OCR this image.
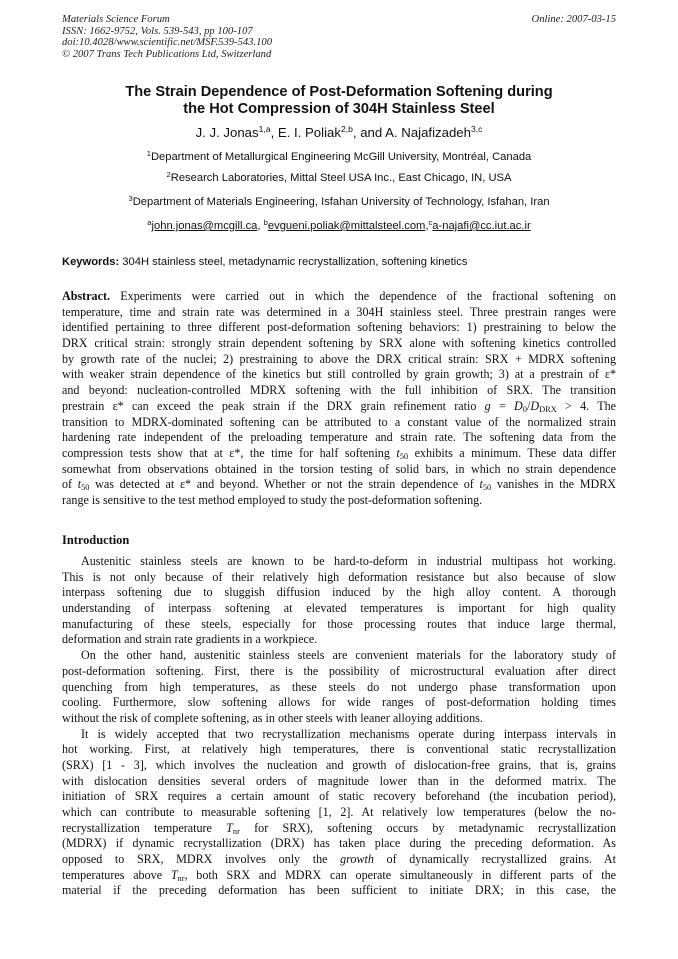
Materials Science Forum
ISSN: 1662-9752, Vols. 539-543, pp 100-107
doi:10.4028/www.scientific.net/MSF.539-543.100
© 2007 Trans Tech Publications Ltd, Switzerland
Online: 2007-03-15
The Strain Dependence of Post-Deformation Softening during
the Hot Compression of 304H Stainless Steel
J. J. Jonas$^{1,a}$, E. I. Poliak$^{2,b}$, and A. Najafizadeh$^{3,c}$
$^1$Department of Metallurgical Engineering McGill University, Montréal, Canada
$^2$Research Laboratories, Mittal Steel USA Inc., East Chicago, IN, USA
$^3$Department of Materials Engineering, Isfahan University of Technology, Isfahan, Iran
$^a$john.jonas@mcgill.ca, $^b$evgueni.poliak@mittalsteel.com,$^c$a-najafi@cc.iut.ac.ir
Keywords: 304H stainless steel, metadynamic recrystallization, softening kinetics
Abstract. Experiments were carried out in which the dependence of the fractional softening on
temperature, time and strain rate was determined in a 304H stainless steel. Three prestrain ranges were
identified pertaining to three different post-deformation softening behaviors: 1) prestraining to below the
DRX critical strain: strongly strain dependent softening by SRX alone with softening kinetics controlled
by growth rate of the nuclei; 2) prestraining to above the DRX critical strain: SRX + MDRX softening
with weaker strain dependence of the kinetics but still controlled by grain growth; 3) at a prestrain of ε*
and beyond: nucleation-controlled MDRX softening with the full inhibition of SRX. The transition
prestrain ε* can exceed the peak strain if the DRX grain refinement ratio $g = D_0/D_{DRX} > 4$. The
transition to MDRX-dominated softening can be attributed to a constant value of the normalized strain
hardening rate independent of the preloading temperature and strain rate. The softening data from the
compression tests show that at ε*, the time for half softening $t_{50}$ exhibits a minimum. These data differ
somewhat from observations obtained in the torsion testing of solid bars, in which no strain dependence
of $t_{50}$ was detected at ε* and beyond. Whether or not the strain dependence of $t_{50}$ vanishes in the MDRX
range is sensitive to the test method employed to study the post-deformation softening.
Introduction
Austenitic stainless steels are known to be hard-to-deform in industrial multipass hot working.
This is not only because of their relatively high deformation resistance but also because of slow
interpass softening due to sluggish diffusion induced by the high alloy content. A thorough
understanding of interpass softening at elevated temperatures is important for high quality
manufacturing of these steels, especially for those processing routes that induce large thermal,
deformation and strain rate gradients in a workpiece.
On the other hand, austenitic stainless steels are convenient materials for the laboratory study of
post-deformation softening. First, there is the possibility of microstructural evaluation after direct
quenching from high temperatures, as these steels do not undergo phase transformation upon
cooling. Furthermore, slow softening allows for wide ranges of post-deformation holding times
without the risk of complete softening, as in other steels with leaner alloying additions.
It is widely accepted that two recrystallization mechanisms operate during interpass intervals in
hot working. First, at relatively high temperatures, there is conventional static recrystallization
(SRX) [1 - 3], which involves the nucleation and growth of dislocation-free grains, that is, grains
with dislocation densities several orders of magnitude lower than in the deformed matrix. The
initiation of SRX requires a certain amount of static recovery beforehand (the incubation period),
which can contribute to measurable softening [1, 2]. At relatively low temperatures (below the no-
recrystallization temperature $T_{nr}$ for SRX), softening occurs by metadynamic recrystallization
(MDRX) if dynamic recrystallization (DRX) has taken place during the preceding deformation. As
opposed to SRX, MDRX involves only the growth of dynamically recrystallized grains. At
temperatures above $T_{nr}$, both SRX and MDRX can operate simultaneously in different parts of the
material if the preceding deformation has been sufficient to initiate DRX; in this case, the
